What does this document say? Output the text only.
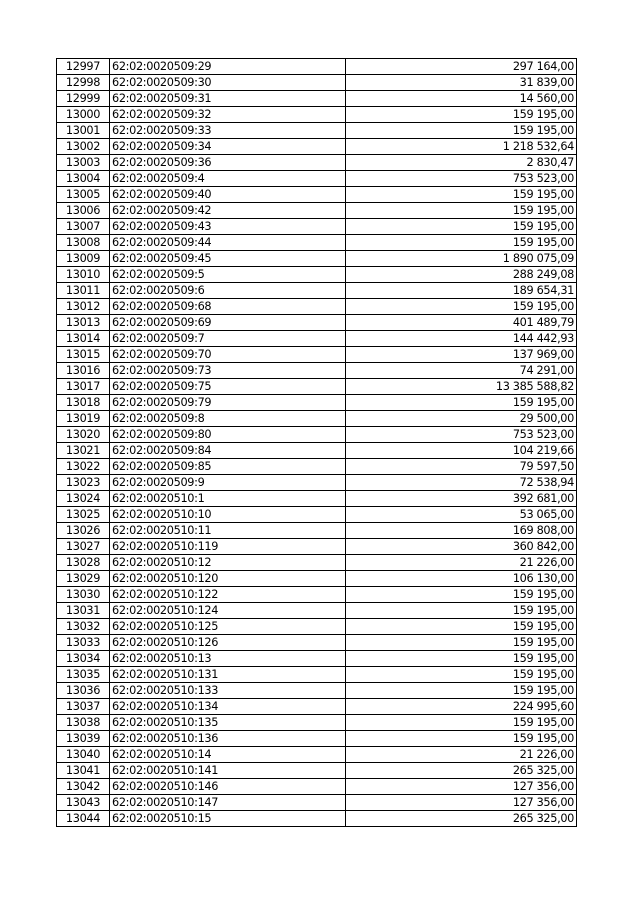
12997	62:02:0020509:29	297 164,00
12998	62:02:0020509:30	31 839,00
12999	62:02:0020509:31	14 560,00
13000	62:02:0020509:32	159 195,00
13001	62:02:0020509:33	159 195,00
13002	62:02:0020509:34	1 218 532,64
13003	62:02:0020509:36	2 830,47
13004	62:02:0020509:4	753 523,00
13005	62:02:0020509:40	159 195,00
13006	62:02:0020509:42	159 195,00
13007	62:02:0020509:43	159 195,00
13008	62:02:0020509:44	159 195,00
13009	62:02:0020509:45	1 890 075,09
13010	62:02:0020509:5	288 249,08
13011	62:02:0020509:6	189 654,31
13012	62:02:0020509:68	159 195,00
13013	62:02:0020509:69	401 489,79
13014	62:02:0020509:7	144 442,93
13015	62:02:0020509:70	137 969,00
13016	62:02:0020509:73	74 291,00
13017	62:02:0020509:75	13 385 588,82
13018	62:02:0020509:79	159 195,00
13019	62:02:0020509:8	29 500,00
13020	62:02:0020509:80	753 523,00
13021	62:02:0020509:84	104 219,66
13022	62:02:0020509:85	79 597,50
13023	62:02:0020509:9	72 538,94
13024	62:02:0020510:1	392 681,00
13025	62:02:0020510:10	53 065,00
13026	62:02:0020510:11	169 808,00
13027	62:02:0020510:119	360 842,00
13028	62:02:0020510:12	21 226,00
13029	62:02:0020510:120	106 130,00
13030	62:02:0020510:122	159 195,00
13031	62:02:0020510:124	159 195,00
13032	62:02:0020510:125	159 195,00
13033	62:02:0020510:126	159 195,00
13034	62:02:0020510:13	159 195,00
13035	62:02:0020510:131	159 195,00
13036	62:02:0020510:133	159 195,00
13037	62:02:0020510:134	224 995,60
13038	62:02:0020510:135	159 195,00
13039	62:02:0020510:136	159 195,00
13040	62:02:0020510:14	21 226,00
13041	62:02:0020510:141	265 325,00
13042	62:02:0020510:146	127 356,00
13043	62:02:0020510:147	127 356,00
13044	62:02:0020510:15	265 325,00
